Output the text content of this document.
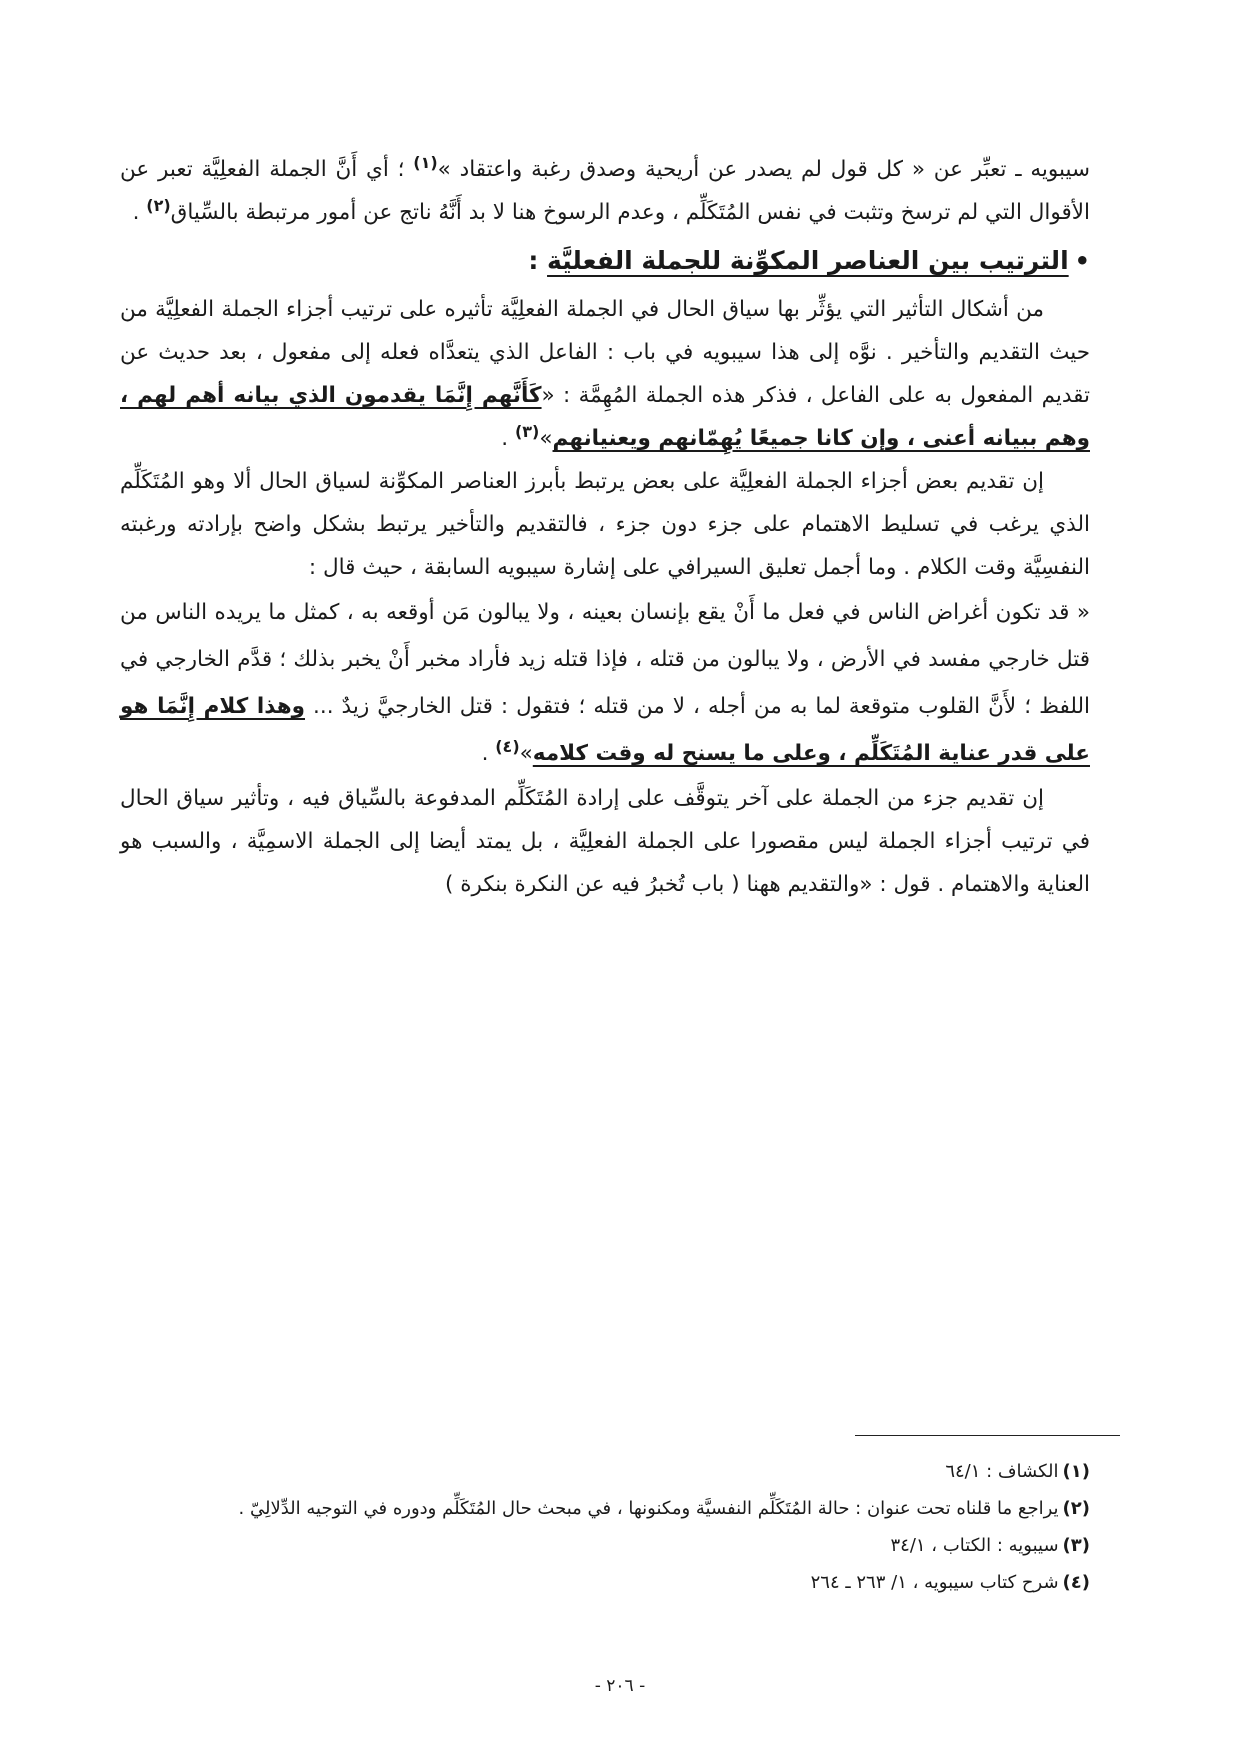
سيبويه ـ تعبِّر عن « كل قول لم يصدر عن أريحية وصدق رغبة واعتقاد »$^{(١)}$ ؛ أي أَنَّ الجملة الفعلِيَّة تعبر عن الأقوال التي لم ترسخ وتثبت في نفس المُتَكَلِّم ، وعدم الرسوخ هنا لا بد أَنَّهُ ناتج عن أمور مرتبطة بالسِّياق$^{(٢)}$ .

•الترتيب بين العناصر المكوِّنة للجملة الفعليَّة :

من أشكال التأثير التي يؤثِّر بها سياق الحال في الجملة الفعلِيَّة تأثيره على ترتيب أجزاء الجملة الفعلِيَّة من حيث التقديم والتأخير . نوَّه إلى هذا سيبويه في باب : الفاعل الذي يتعدَّاه فعله إلى مفعول ، بعد حديث عن تقديم المفعول به على الفاعل ، فذكر هذه الجملة المُهِمَّة : «كَأَنَّهم إِنَّمَا يقدمون الذي بيانه أهم لهم ، وهم ببيانه أعنى ، وإن كانا جميعًا يُهِمّانهم ويعنيانهم»$^{(٣)}$ .

إن تقديم بعض أجزاء الجملة الفعلِيَّة على بعض يرتبط بأبرز العناصر المكوِّنة لسياق الحال ألا وهو المُتَكَلِّم الذي يرغب في تسليط الاهتمام على جزء دون جزء ، فالتقديم والتأخير يرتبط بشكل واضح بإرادته ورغبته النفسِيَّة وقت الكلام . وما أجمل تعليق السيرافي على إشارة سيبويه السابقة ، حيث قال :

« قد تكون أغراض الناس في فعل ما أَنْ يقع بإنسان بعينه ، ولا يبالون مَن أوقعه به ، كمثل ما يريده الناس من قتل خارجي مفسد في الأرض ، ولا يبالون من قتله ، فإذا قتله زيد فأراد مخبر أَنْ يخبر بذلك ؛ قدَّم الخارجي في اللفظ ؛ لأَنَّ القلوب متوقعة لما به من أجله ، لا من قتله ؛ فتقول : قتل الخارجيَّ زيدٌ ... وهذا كلام إِنَّمَا هو على قدر عناية المُتَكَلِّم ، وعلى ما يسنح له وقت كلامه»$^{(٤)}$ .

إن تقديم جزء من الجملة على آخر يتوقَّف على إرادة المُتَكَلِّم المدفوعة بالسِّياق فيه ، وتأثير سياق الحال في ترتيب أجزاء الجملة ليس مقصورا على الجملة الفعلِيَّة ، بل يمتد أيضا إلى الجملة الاسمِيَّة ، والسبب هو العناية والاهتمام . قول : «والتقديم ههنا ( باب تُخبرُ فيه عن النكرة بنكرة )

(١)الكشاف : ٦٤/١

(٢)يراجع ما قلناه تحت عنوان : حالة المُتَكَلِّم النفسيَّة ومكنونها ، في مبحث حال المُتَكَلِّم ودوره في التوجيه الدِّلالِيّ .

(٣)سيبويه : الكتاب ، ٣٤/١

(٤)شرح كتاب سيبويه ، ١/ ٢٦٣ ـ ٢٦٤

- ٢٠٦ -
